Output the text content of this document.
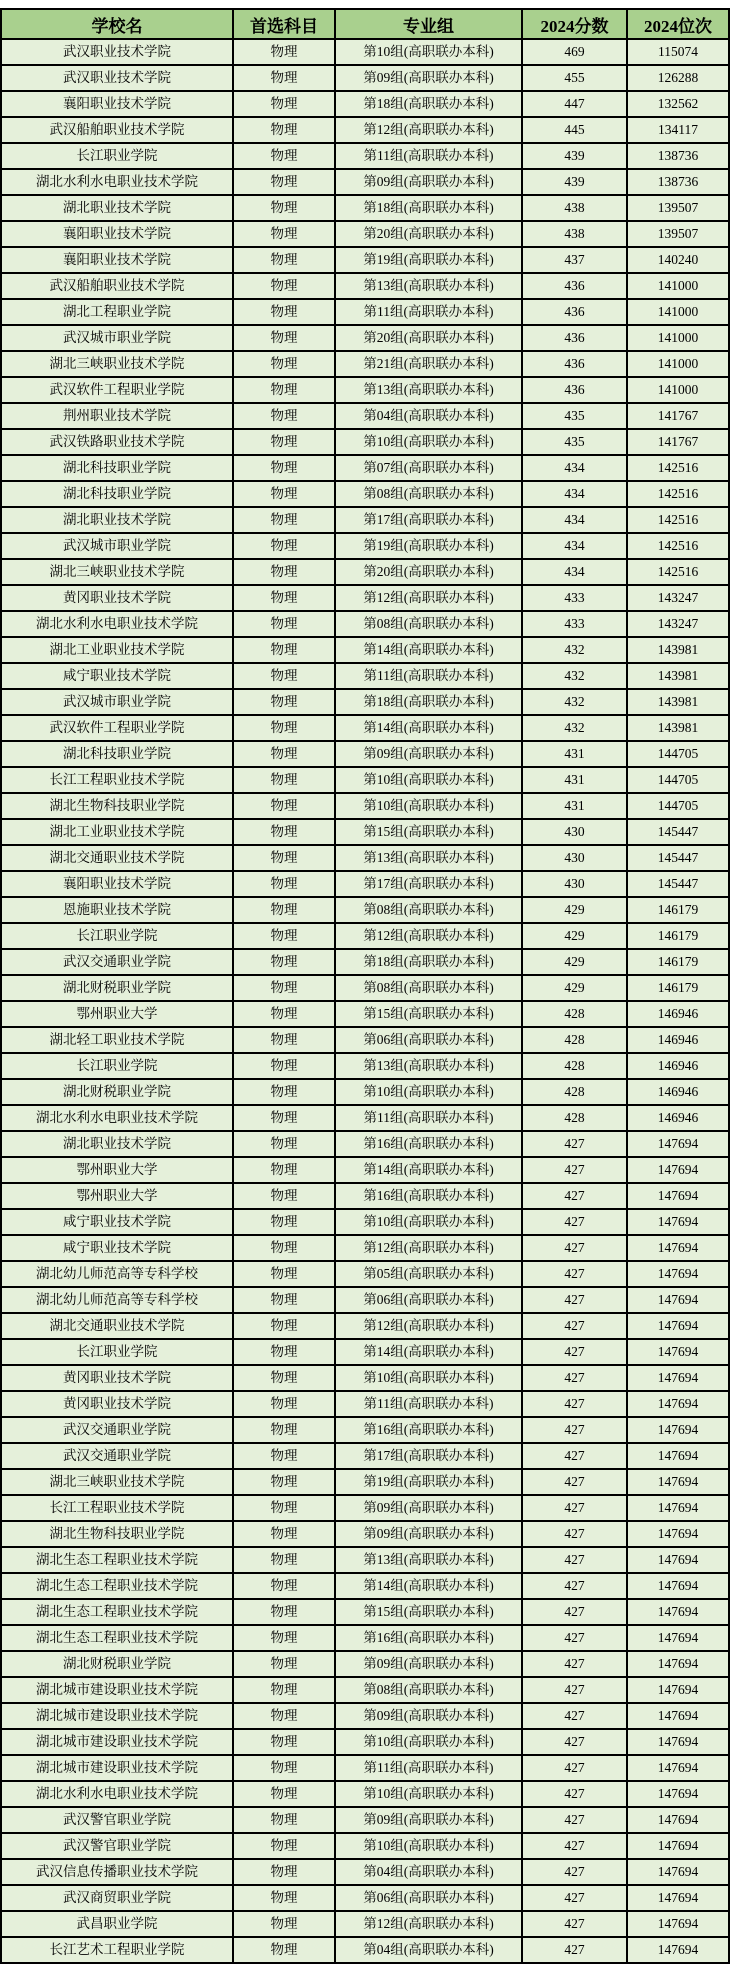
学校名	首选科目	专业组	2024分数	2024位次
武汉职业技术学院	物理	第10组(高职联办本科)	469	115074
武汉职业技术学院	物理	第09组(高职联办本科)	455	126288
襄阳职业技术学院	物理	第18组(高职联办本科)	447	132562
武汉船舶职业技术学院	物理	第12组(高职联办本科)	445	134117
长江职业学院	物理	第11组(高职联办本科)	439	138736
湖北水利水电职业技术学院	物理	第09组(高职联办本科)	439	138736
湖北职业技术学院	物理	第18组(高职联办本科)	438	139507
襄阳职业技术学院	物理	第20组(高职联办本科)	438	139507
襄阳职业技术学院	物理	第19组(高职联办本科)	437	140240
武汉船舶职业技术学院	物理	第13组(高职联办本科)	436	141000
湖北工程职业学院	物理	第11组(高职联办本科)	436	141000
武汉城市职业学院	物理	第20组(高职联办本科)	436	141000
湖北三峡职业技术学院	物理	第21组(高职联办本科)	436	141000
武汉软件工程职业学院	物理	第13组(高职联办本科)	436	141000
荆州职业技术学院	物理	第04组(高职联办本科)	435	141767
武汉铁路职业技术学院	物理	第10组(高职联办本科)	435	141767
湖北科技职业学院	物理	第07组(高职联办本科)	434	142516
湖北科技职业学院	物理	第08组(高职联办本科)	434	142516
湖北职业技术学院	物理	第17组(高职联办本科)	434	142516
武汉城市职业学院	物理	第19组(高职联办本科)	434	142516
湖北三峡职业技术学院	物理	第20组(高职联办本科)	434	142516
黄冈职业技术学院	物理	第12组(高职联办本科)	433	143247
湖北水利水电职业技术学院	物理	第08组(高职联办本科)	433	143247
湖北工业职业技术学院	物理	第14组(高职联办本科)	432	143981
咸宁职业技术学院	物理	第11组(高职联办本科)	432	143981
武汉城市职业学院	物理	第18组(高职联办本科)	432	143981
武汉软件工程职业学院	物理	第14组(高职联办本科)	432	143981
湖北科技职业学院	物理	第09组(高职联办本科)	431	144705
长江工程职业技术学院	物理	第10组(高职联办本科)	431	144705
湖北生物科技职业学院	物理	第10组(高职联办本科)	431	144705
湖北工业职业技术学院	物理	第15组(高职联办本科)	430	145447
湖北交通职业技术学院	物理	第13组(高职联办本科)	430	145447
襄阳职业技术学院	物理	第17组(高职联办本科)	430	145447
恩施职业技术学院	物理	第08组(高职联办本科)	429	146179
长江职业学院	物理	第12组(高职联办本科)	429	146179
武汉交通职业学院	物理	第18组(高职联办本科)	429	146179
湖北财税职业学院	物理	第08组(高职联办本科)	429	146179
鄂州职业大学	物理	第15组(高职联办本科)	428	146946
湖北轻工职业技术学院	物理	第06组(高职联办本科)	428	146946
长江职业学院	物理	第13组(高职联办本科)	428	146946
湖北财税职业学院	物理	第10组(高职联办本科)	428	146946
湖北水利水电职业技术学院	物理	第11组(高职联办本科)	428	146946
湖北职业技术学院	物理	第16组(高职联办本科)	427	147694
鄂州职业大学	物理	第14组(高职联办本科)	427	147694
鄂州职业大学	物理	第16组(高职联办本科)	427	147694
咸宁职业技术学院	物理	第10组(高职联办本科)	427	147694
咸宁职业技术学院	物理	第12组(高职联办本科)	427	147694
湖北幼儿师范高等专科学校	物理	第05组(高职联办本科)	427	147694
湖北幼儿师范高等专科学校	物理	第06组(高职联办本科)	427	147694
湖北交通职业技术学院	物理	第12组(高职联办本科)	427	147694
长江职业学院	物理	第14组(高职联办本科)	427	147694
黄冈职业技术学院	物理	第10组(高职联办本科)	427	147694
黄冈职业技术学院	物理	第11组(高职联办本科)	427	147694
武汉交通职业学院	物理	第16组(高职联办本科)	427	147694
武汉交通职业学院	物理	第17组(高职联办本科)	427	147694
湖北三峡职业技术学院	物理	第19组(高职联办本科)	427	147694
长江工程职业技术学院	物理	第09组(高职联办本科)	427	147694
湖北生物科技职业学院	物理	第09组(高职联办本科)	427	147694
湖北生态工程职业技术学院	物理	第13组(高职联办本科)	427	147694
湖北生态工程职业技术学院	物理	第14组(高职联办本科)	427	147694
湖北生态工程职业技术学院	物理	第15组(高职联办本科)	427	147694
湖北生态工程职业技术学院	物理	第16组(高职联办本科)	427	147694
湖北财税职业学院	物理	第09组(高职联办本科)	427	147694
湖北城市建设职业技术学院	物理	第08组(高职联办本科)	427	147694
湖北城市建设职业技术学院	物理	第09组(高职联办本科)	427	147694
湖北城市建设职业技术学院	物理	第10组(高职联办本科)	427	147694
湖北城市建设职业技术学院	物理	第11组(高职联办本科)	427	147694
湖北水利水电职业技术学院	物理	第10组(高职联办本科)	427	147694
武汉警官职业学院	物理	第09组(高职联办本科)	427	147694
武汉警官职业学院	物理	第10组(高职联办本科)	427	147694
武汉信息传播职业技术学院	物理	第04组(高职联办本科)	427	147694
武汉商贸职业学院	物理	第06组(高职联办本科)	427	147694
武昌职业学院	物理	第12组(高职联办本科)	427	147694
长江艺术工程职业学院	物理	第04组(高职联办本科)	427	147694
